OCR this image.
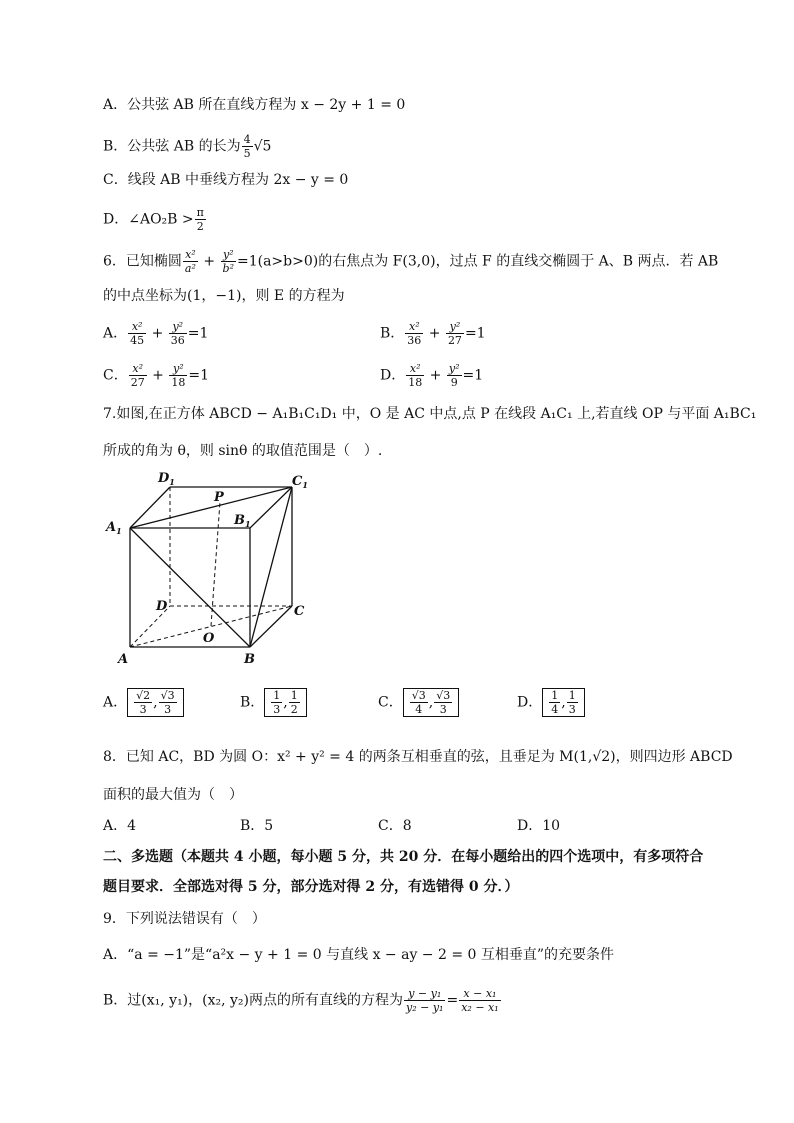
A．公共弦 AB 所在直线方程为 x − 2y + 1 = 0
B．公共弦 AB 的长为 $\frac{4}{5} √5$
C．线段 AB 中垂线方程为 2x − y = 0
D．∠AO₂B > $\frac{\pi}{2}$
6．已知椭圆 $\frac{\text{x²}}{\text{a²}} + \frac{\text{y²}}{\text{b²}} =1(a>b>0)$的右焦点为 F(3,0)，过点 F 的直线交椭圆于 A、B 两点．若 AB
的中点坐标为(1，−1)，则 E 的方程为
A． $\frac{\text{x²}}{45} + \frac{\text{y²}}{36} =1$	B． $\frac{\text{x²}}{36} + \frac{\text{y²}}{27} =1$
C． $\frac{\text{x²}}{27} + \frac{\text{y²}}{18} =1$	D． $\frac{\text{x²}}{18} + \frac{\text{y²}}{9} =1$
7.如图,在正方体 ABCD − A₁B₁C₁D₁ 中，O 是 AC 中点,点 P 在线段 A₁C₁ 上,若直线 OP 与平面 A₁BC₁
所成的角为 θ，则 sinθ 的取值范围是（　）.
$D_1$
P
$C_1$
$B_1$
$A_1$
D	C
O
A	B
A． $\frac{√2}{3}$ , $\frac{√3}{3}$	B． $\frac{1}{3}$ , $\frac{1}{2}$	C． $\frac{√3}{4}$ , $\frac{√3}{3}$	D． $\frac{1}{4}$ , $\frac{1}{3}$
8．已知 AC，BD 为圆 O：x² + y² = 4 的两条互相垂直的弦，且垂足为 M(1,√2)，则四边形 ABCD
面积的最大值为（　）
A．4	B．5	C．8	D．10
二、多选题（本题共 4 小题，每小题 5 分，共 20 分．在每小题给出的四个选项中，有多项符合
题目要求．全部选对得 5 分，部分选对得 2 分，有选错得 0 分．）
9．下列说法错误有（　）
A．“a = −1”是“a²x − y + 1 = 0 与直线 x − ay − 2 = 0 互相垂直”的充要条件
B．过(x₁, y₁)，(x₂, y₂)两点的所有直线的方程为 $\frac{\text{y − y₁}}{\text{y₂ − y₁}} = \frac{\text{x − x₁}}{\text{x₂ − x₁}}$
